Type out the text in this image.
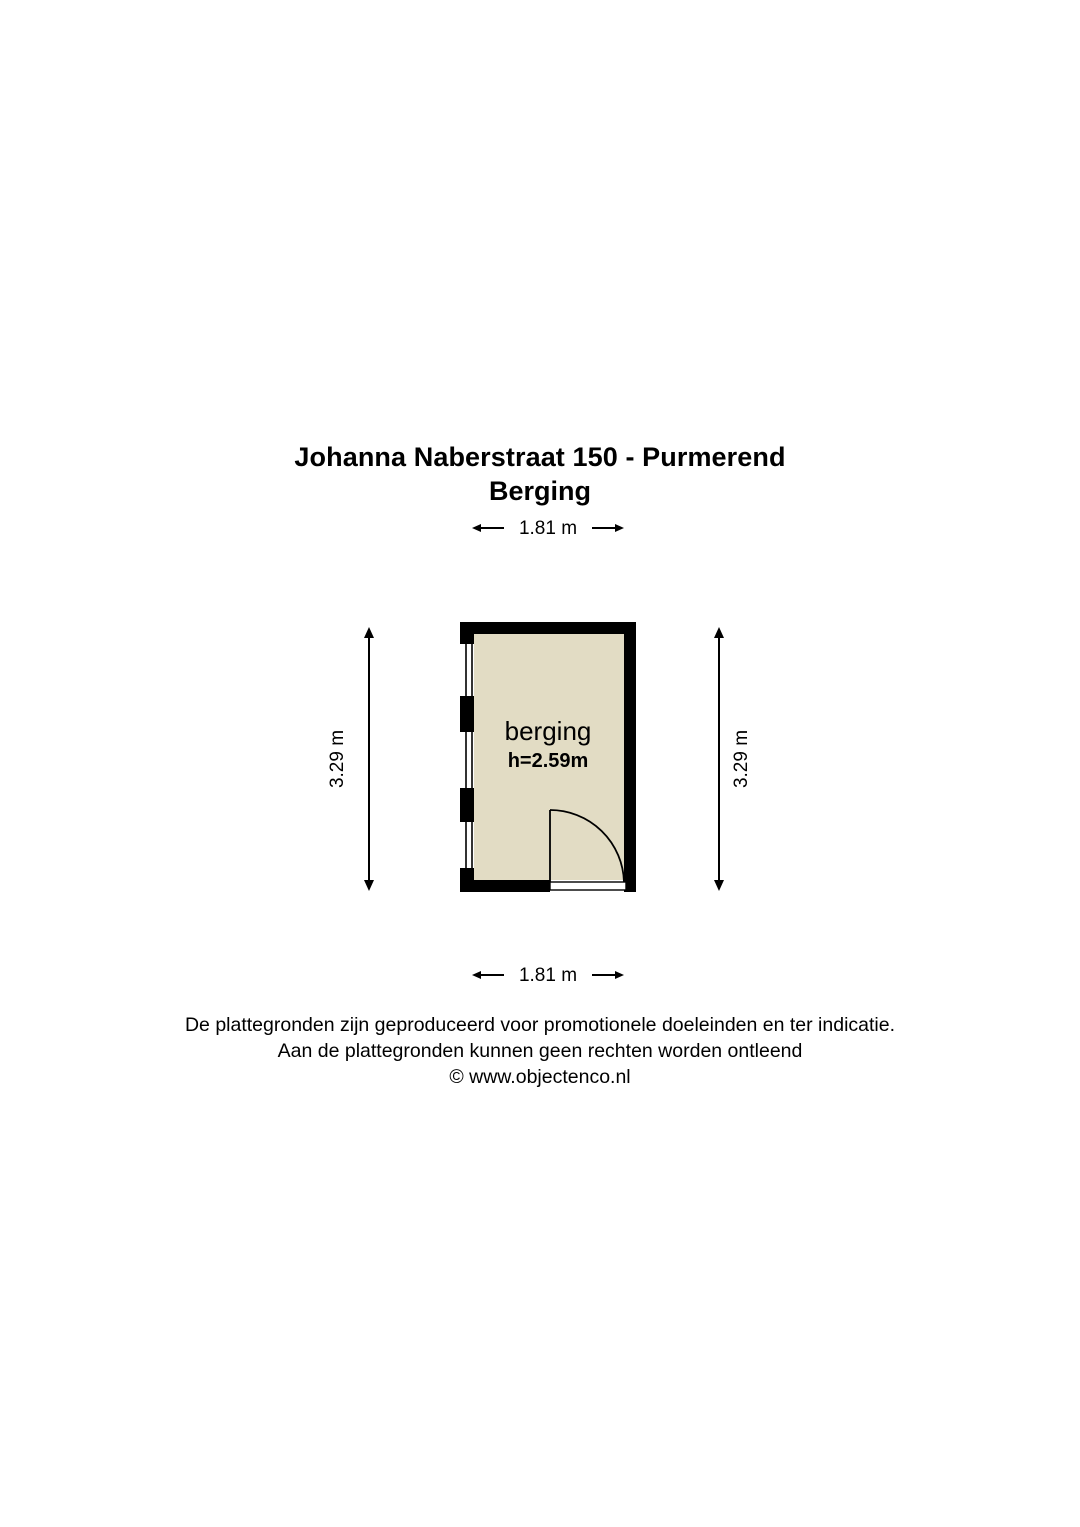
Johanna Naberstraat 150 - Purmerend
Berging
1.81 m
1.81 m
3.29 m	3.29 m
berging
h=2.59m
De plattegronden zijn geproduceerd voor promotionele doeleinden en ter indicatie.
Aan de plattegronden kunnen geen rechten worden ontleend
© www.objectenco.nl
